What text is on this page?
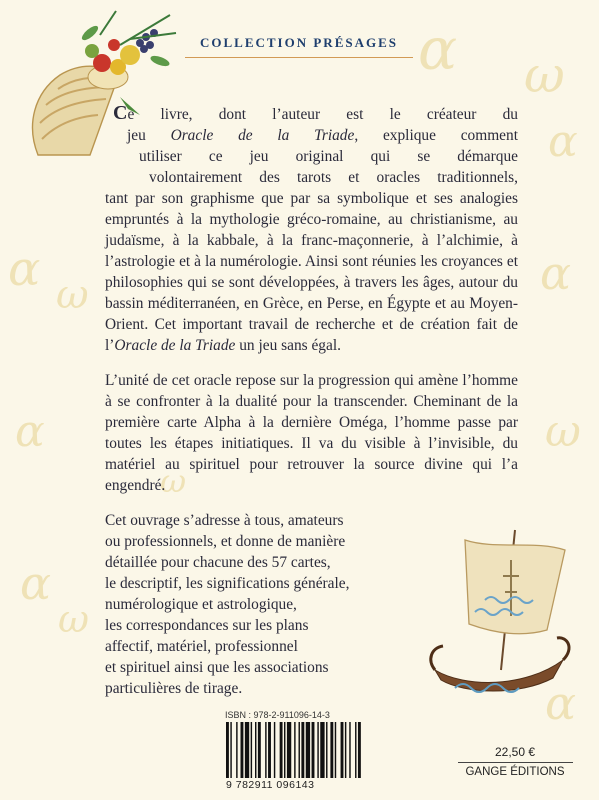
α ω
α
α ω	α
α	ω
α
ω
α
ω
COLLECTION PRÉSAGES

Ce livre, dont l’auteur est le créateur du
jeu Oracle de la Triade, explique comment
utiliser ce jeu original qui se démarque
volontairement des tarots et oracles traditionnels,
tant par son graphisme que par sa symbolique et ses analogies empruntés à la mythologie gréco-romaine, au christianisme, au judaïsme, à la kabbale, à la franc-maçonnerie, à l’alchimie, à l’astrologie et à la numérologie. Ainsi sont réunies les croyances et philosophies qui se sont développées, à travers les âges, autour du bassin méditerranéen, en Grèce, en Perse, en Égypte et au Moyen-Orient. Cet important travail de recherche et de création fait de l’Oracle de la Triade un jeu sans égal.

L’unité de cet oracle repose sur la progression qui amène l’homme à se confronter à la dualité pour la transcender. Cheminant de la première carte Alpha à la dernière Oméga, l’homme passe par toutes les étapes initiatiques. Il va du visible à l’invisible, du matériel au spirituel pour retrouver la source divine qui l’a engendré.

Cet ouvrage s’adresse à tous, amateurs
ou professionnels, et donne de manière
détaillée pour chacune des 57 cartes,
le descriptif, les significations générale,
numérologique et astrologique,
les correspondances sur les plans
affectif, matériel, professionnel
et spirituel ainsi que les associations
particulières de tirage.

ISBN : 978-2-911096-14-3
9 782911 096143
22,50 €
GANGE ÉDITIONS
